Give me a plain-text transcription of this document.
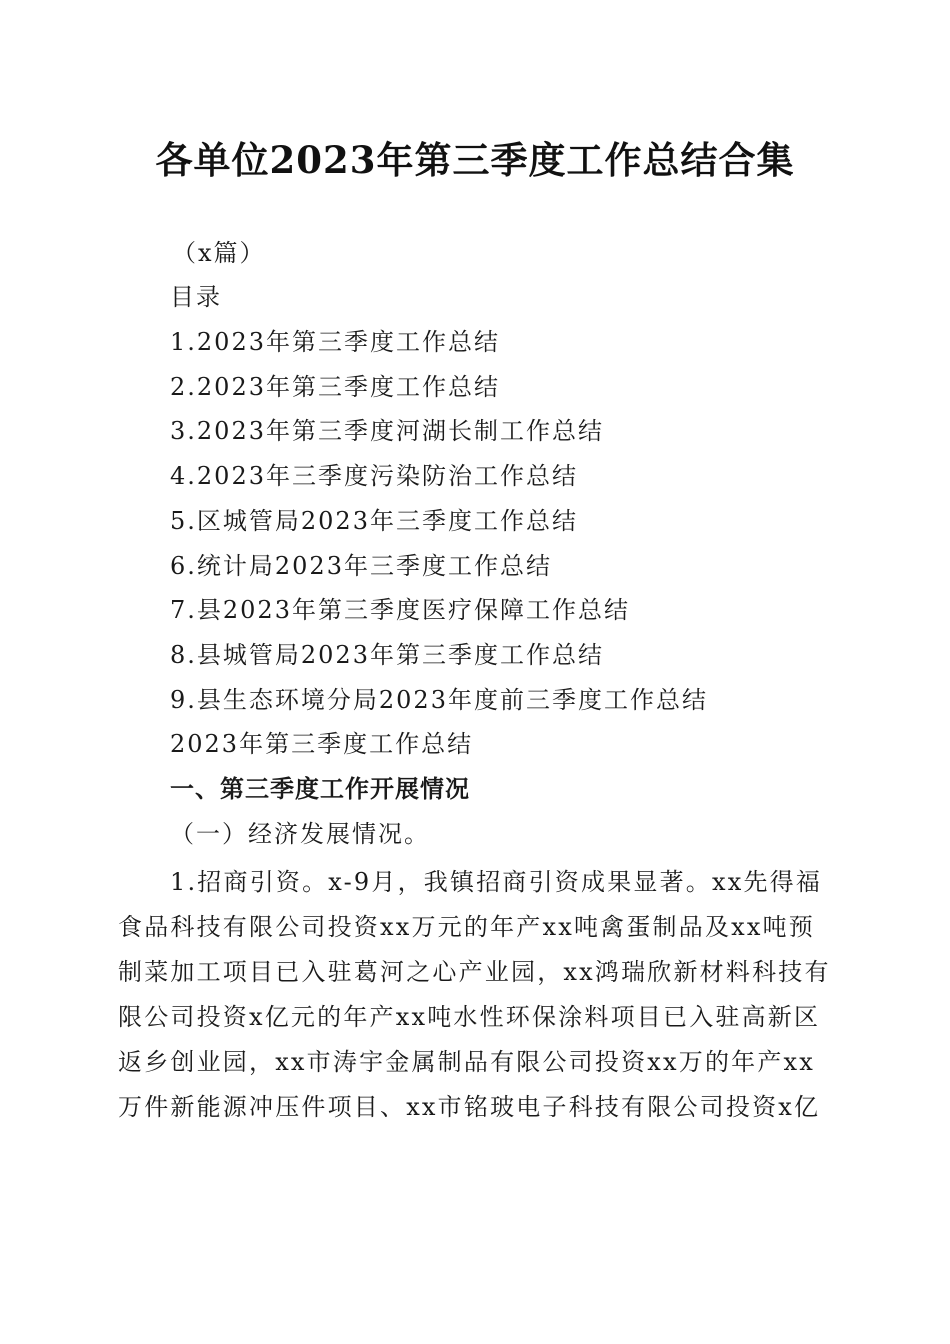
各单位2023年第三季度工作总结合集
（x篇）
目录
1.2023年第三季度工作总结
2.2023年第三季度工作总结
3.2023年第三季度河湖长制工作总结
4.2023年三季度污染防治工作总结
5.区城管局2023年三季度工作总结
6.统计局2023年三季度工作总结
7.县2023年第三季度医疗保障工作总结
8.县城管局2023年第三季度工作总结
9.县生态环境分局2023年度前三季度工作总结
2023年第三季度工作总结
一、第三季度工作开展情况
（一）经济发展情况。

1.招商引资。x-9月，我镇招商引资成果显著。xx先得福

食品科技有限公司投资xx万元的年产xx吨禽蛋制品及xx吨预

制菜加工项目已入驻葛河之心产业园，xx鸿瑞欣新材料科技有

限公司投资x亿元的年产xx吨水性环保涂料项目已入驻高新区

返乡创业园，xx市涛宇金属制品有限公司投资xx万的年产xx

万件新能源冲压件项目、xx市铭玻电子科技有限公司投资x亿
